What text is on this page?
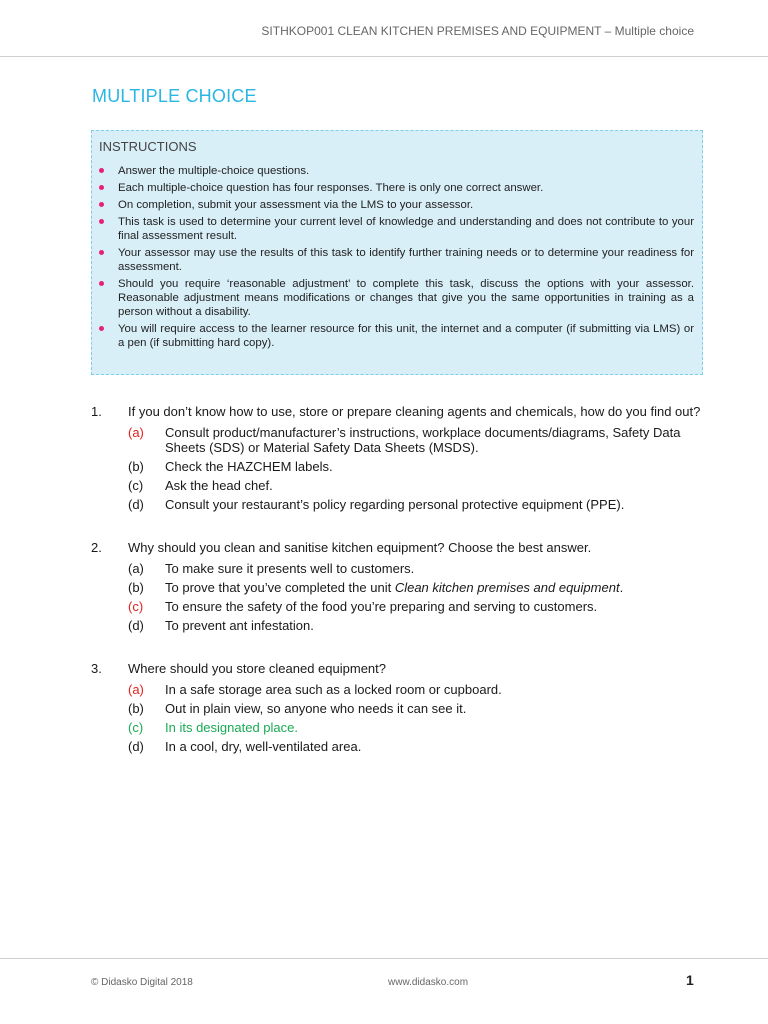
SITHKOP001 CLEAN KITCHEN PREMISES AND EQUIPMENT – Multiple choice
MULTIPLE CHOICE
INSTRUCTIONS
Answer the multiple-choice questions.
Each multiple-choice question has four responses. There is only one correct answer.
On completion, submit your assessment via the LMS to your assessor.
This task is used to determine your current level of knowledge and understanding and does not contribute to your final assessment result.
Your assessor may use the results of this task to identify further training needs or to determine your readiness for assessment.
Should you require ‘reasonable adjustment’ to complete this task, discuss the options with your assessor. Reasonable adjustment means modifications or changes that give you the same opportunities in training as a person without a disability.
You will require access to the learner resource for this unit, the internet and a computer (if submitting via LMS) or a pen (if submitting hard copy).
1.	If you don’t know how to use, store or prepare cleaning agents and chemicals, how do you find out?
(a)	Consult product/manufacturer’s instructions, workplace documents/diagrams, Safety Data Sheets (SDS) or Material Safety Data Sheets (MSDS).
(b)	Check the HAZCHEM labels.
(c)	Ask the head chef.
(d)	Consult your restaurant’s policy regarding personal protective equipment (PPE).
2.	Why should you clean and sanitise kitchen equipment? Choose the best answer.
(a)	To make sure it presents well to customers.
(b)	To prove that you’ve completed the unit Clean kitchen premises and equipment.
(c)	To ensure the safety of the food you’re preparing and serving to customers.
(d)	To prevent ant infestation.
3.	Where should you store cleaned equipment?
(a)	In a safe storage area such as a locked room or cupboard.
(b)	Out in plain view, so anyone who needs it can see it.
(c)	In its designated place.
(d)	In a cool, dry, well-ventilated area.
© Didasko Digital 2018	www.didasko.com	1
